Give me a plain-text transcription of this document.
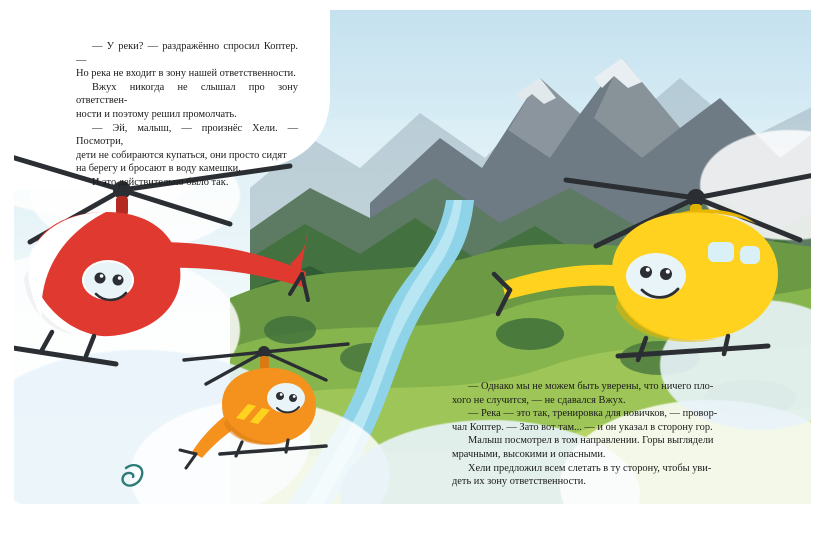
— У реки? — раздражённо спросил Коптер. —

Но река не входит в зону нашей ответственности.

Вжух никогда не слышал про зону ответствен-

ности и поэтому решил промолчать.

— Эй, малыш, — произнёс Хели. — Посмотри,

дети не собираются купаться, они просто сидят

на берегу и бросают в воду камешки.

И это действительно было так.

— Однако мы не можем быть уверены, что ничего пло-

хого не случится, — не сдавался Вжух.

— Река — это так, тренировка для новичков, — провор-

чал Коптер. — Зато вот там... — и он указал в сторону гор.

Малыш посмотрел в том направлении. Горы выглядели

мрачными, высокими и опасными.

Хели предложил всем слетать в ту сторону, чтобы уви-

деть их зону ответственности.
